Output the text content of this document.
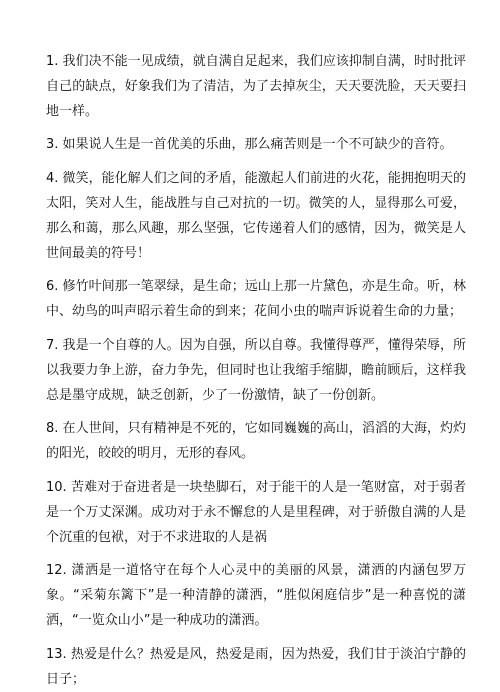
1. 我们决不能一见成绩，就自满自足起来，我们应该抑制自满，时时批评自己的缺点，好象我们为了清洁，为了去掉灰尘，天天要洗脸，天天要扫地一样。

3. 如果说人生是一首优美的乐曲，那么痛苦则是一个不可缺少的音符。

4. 微笑，能化解人们之间的矛盾，能激起人们前进的火花，能拥抱明天的太阳，笑对人生，能战胜与自己对抗的一切。微笑的人，显得那么可爱，那么和蔼，那么风趣，那么坚强，它传递着人们的感情，因为，微笑是人世间最美的符号！

6. 修竹叶间那一笔翠绿，是生命；远山上那一片黛色，亦是生命。听，林中、幼鸟的叫声昭示着生命的到来；花间小虫的喘声诉说着生命的力量；

7. 我是一个自尊的人。因为自强，所以自尊。我懂得尊严，懂得荣辱，所以我要力争上游，奋力争先，但同时也让我缩手缩脚，瞻前顾后，这样我总是墨守成规，缺乏创新，少了一份激情，缺了一份创新。

8. 在人世间，只有精神是不死的，它如同巍巍的高山，滔滔的大海，灼灼的阳光，皎皎的明月，无形的春风。

10. 苦难对于奋进者是一块垫脚石，对于能干的人是一笔财富，对于弱者是一个万丈深渊。成功对于永不懈怠的人是里程碑，对于骄傲自满的人是个沉重的包袱，对于不求进取的人是祸

12. 潇洒是一道恪守在每个人心灵中的美丽的风景，潇洒的内涵包罗万象。“采菊东篱下”是一种清静的潇洒，“胜似闲庭信步”是一种喜悦的潇洒，“一览众山小”是一种成功的潇洒。

13. 热爱是什么？热爱是风，热爱是雨，因为热爱，我们甘于淡泊宁静的日子；
